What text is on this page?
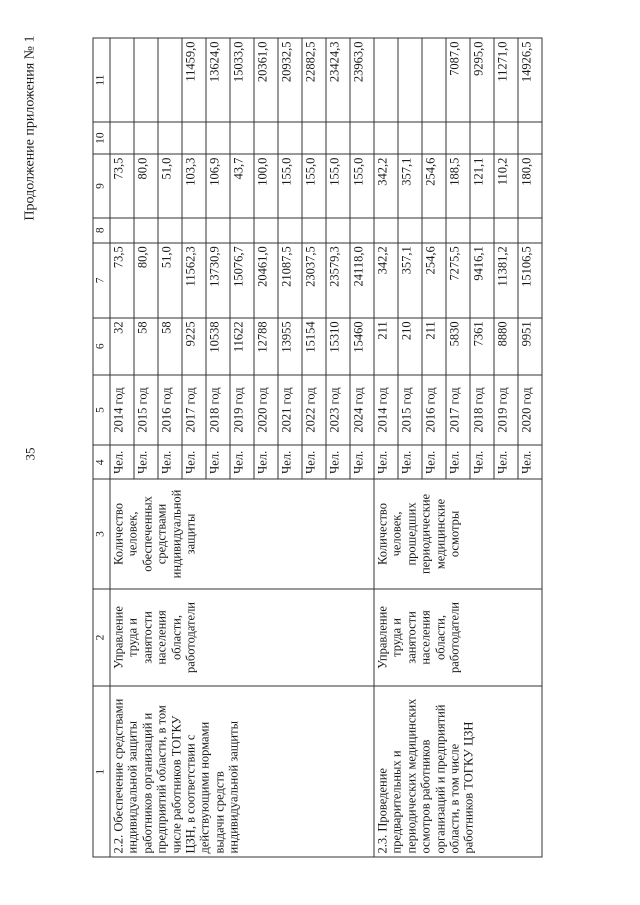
35
Продолжение приложения № 1
1	2	3	4	5	6	7	8	9	10	11
2.2. Обеспечение средствами индивидуальной защиты работников организаций и предприятий области, в том числе работников ТОГКУ ЦЗН, в соответствии с действующими нормами выдачи средств индивидуальной защиты	Управление труда и занятости населения области, работодатели	Количество человек, обеспеченных средствами индивидуальной защиты	Чел.	2014 год	32	73,5		73,5		
			Чел.	2015 год	58	80,0		80,0		
			Чел.	2016 год	58	51,0		51,0		
			Чел.	2017 год	9225	11562,3		103,3		11459,0
			Чел.	2018 год	10538	13730,9		106,9		13624,0
			Чел.	2019 год	11622	15076,7		43,7		15033,0
			Чел.	2020 год	12788	20461,0		100,0		20361,0
			Чел.	2021 год	13955	21087,5		155,0		20932,5
			Чел.	2022 год	15154	23037,5		155,0		22882,5
			Чел.	2023 год	15310	23579,3		155,0		23424,3
			Чел.	2024 год	15460	24118,0		155,0		23963,0
2.3. Проведение предварительных и периодических медицинских осмотров работников организаций и предприятий области, в том числе работников ТОГКУ ЦЗН	Управление труда и занятости населения области, работодатели	Количество человек, прошедших периодические медицинские осмотры	Чел.	2014 год	211	342,2		342,2		
			Чел.	2015 год	210	357,1		357,1		
			Чел.	2016 год	211	254,6		254,6		
			Чел.	2017 год	5830	7275,5		188,5		7087,0
			Чел.	2018 год	7361	9416,1		121,1		9295,0
			Чел.	2019 год	8880	11381,2		110,2		11271,0
			Чел.	2020 год	9951	15106,5		180,0		14926,5
